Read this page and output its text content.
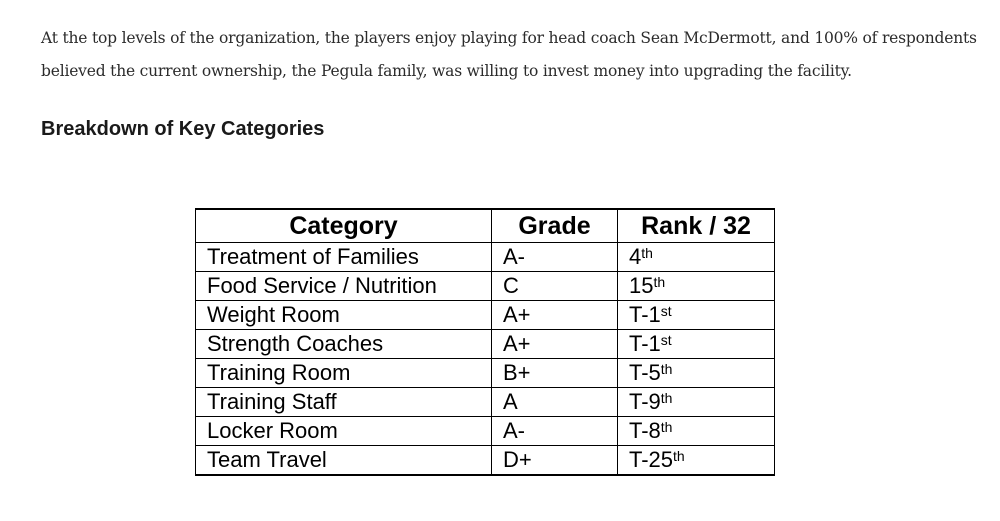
At the top levels of the organization, the players enjoy playing for head coach Sean McDermott, and 100% of respondents believed the current ownership, the Pegula family, was willing to invest money into upgrading the facility.

Breakdown of Key Categories
Category	Grade	Rank / 32
Treatment of Families	A-	4th
Food Service / Nutrition	C	15th
Weight Room	A+	T-1st
Strength Coaches	A+	T-1st
Training Room	B+	T-5th
Training Staff	A	T-9th
Locker Room	A-	T-8th
Team Travel	D+	T-25th
